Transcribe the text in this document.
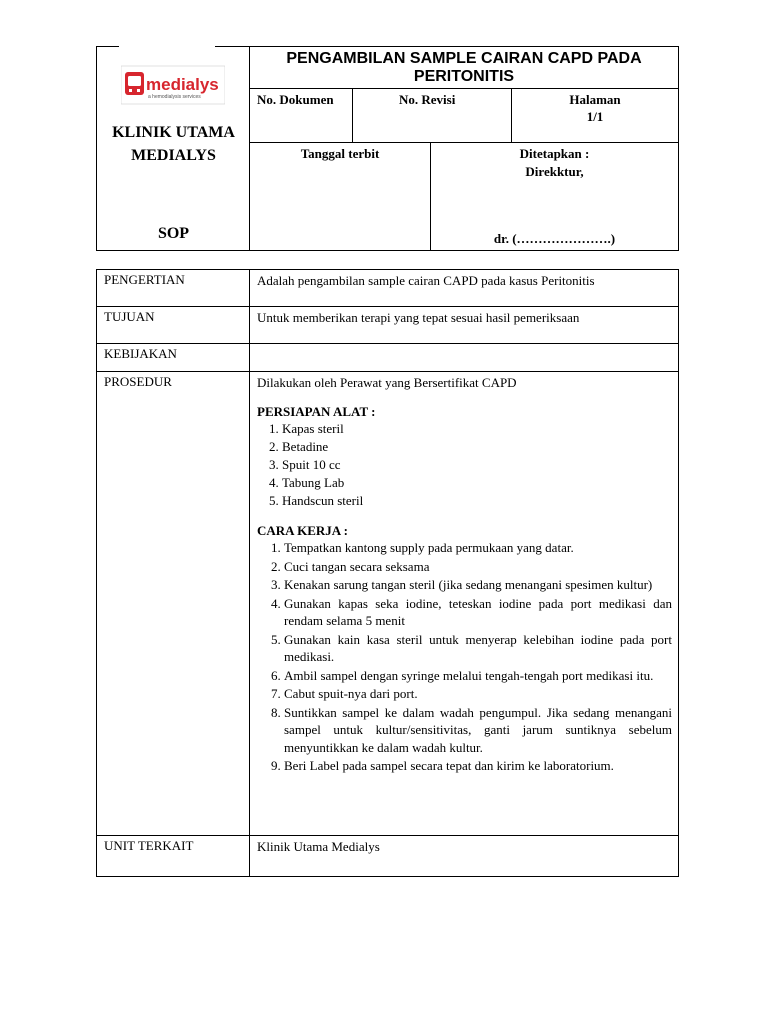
medialys
a hemodialysis services
KLINIK UTAMA
MEDIALYS
SOP
PENGAMBILAN SAMPLE CAIRAN CAPD PADA
PERITONITIS
No. Dokumen	No. Revisi	Halaman
1/1
Tanggal terbit	Ditetapkan :
Direkktur,
dr. (………………….)
PENGERTIAN	Adalah pengambilan sample cairan CAPD pada kasus Peritonitis
TUJUAN	Untuk memberikan terapi yang tepat sesuai hasil pemeriksaan
KEBIJAKAN
PROSEDUR	Dilakukan oleh Perawat yang Bersertifikat CAPD
PERSIAPAN ALAT :
1. Kapas steril
2. Betadine
3. Spuit 10 cc
4. Tabung Lab
5. Handscun steril
CARA KERJA :
1. Tempatkan kantong supply pada permukaan yang datar.
2. Cuci tangan secara seksama
3. Kenakan sarung tangan steril (jika sedang menangani spesimen kultur)
4. Gunakan kapas seka iodine, teteskan iodine pada port medikasi dan rendam selama 5 menit
5. Gunakan kain kasa steril untuk menyerap kelebihan iodine pada port medikasi.
6. Ambil sampel dengan syringe melalui tengah-tengah port medikasi itu.
7. Cabut spuit-nya dari port.
8. Suntikkan sampel ke dalam wadah pengumpul. Jika sedang menangani sampel untuk kultur/sensitivitas, ganti jarum suntiknya sebelum menyuntikkan ke dalam wadah kultur.
9. Beri Label pada sampel secara tepat dan kirim ke laboratorium.
UNIT TERKAIT	Klinik Utama Medialys
